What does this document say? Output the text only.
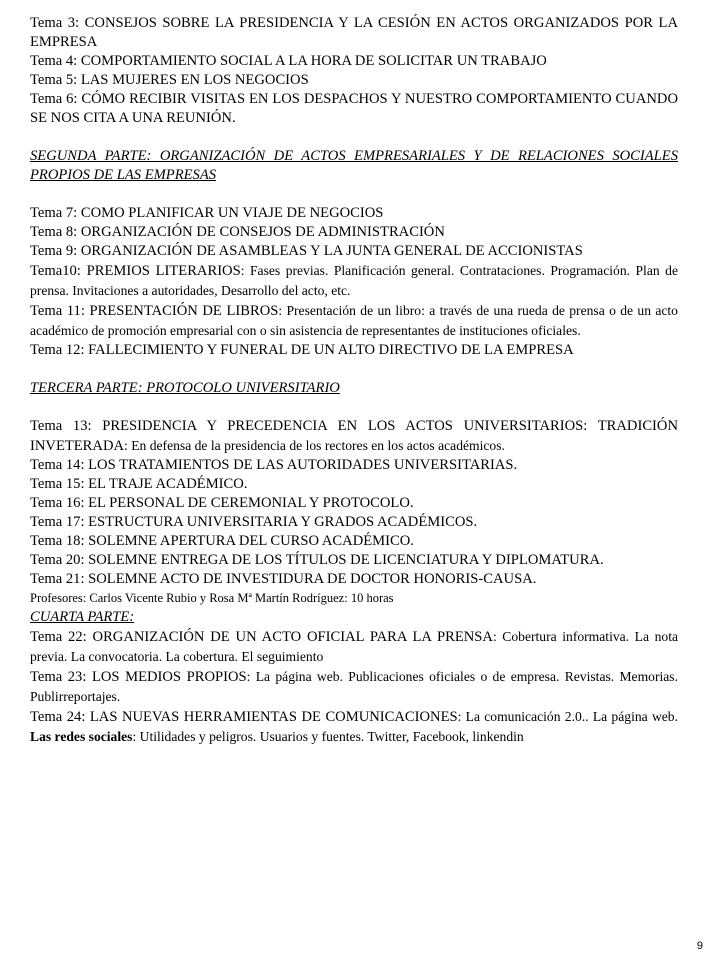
Tema 3: CONSEJOS SOBRE LA PRESIDENCIA Y LA CESIÓN EN ACTOS ORGANIZADOS POR LA EMPRESA

Tema 4: COMPORTAMIENTO SOCIAL A LA HORA DE SOLICITAR UN TRABAJO

Tema 5: LAS MUJERES EN LOS NEGOCIOS

Tema 6: CÓMO RECIBIR VISITAS EN LOS DESPACHOS Y NUESTRO COMPORTAMIENTO CUANDO SE NOS CITA A UNA REUNIÓN.

SEGUNDA PARTE: ORGANIZACIÓN DE ACTOS EMPRESARIALES Y DE RELACIONES SOCIALES PROPIOS DE LAS EMPRESAS

Tema 7: COMO PLANIFICAR UN VIAJE DE NEGOCIOS

Tema 8: ORGANIZACIÓN DE CONSEJOS DE ADMINISTRACIÓN

Tema 9: ORGANIZACIÓN DE ASAMBLEAS Y LA JUNTA GENERAL DE ACCIONISTAS

Tema10: PREMIOS LITERARIOS: Fases previas. Planificación general. Contrataciones. Programación. Plan de prensa. Invitaciones a autoridades, Desarrollo del acto, etc.

Tema 11: PRESENTACIÓN DE LIBROS: Presentación de un libro: a través de una rueda de prensa o de un acto académico de promoción empresarial con o sin asistencia de representantes de instituciones oficiales.

Tema 12: FALLECIMIENTO Y FUNERAL DE UN ALTO DIRECTIVO DE LA EMPRESA

TERCERA PARTE: PROTOCOLO UNIVERSITARIO

Tema 13: PRESIDENCIA Y PRECEDENCIA EN LOS ACTOS UNIVERSITARIOS: TRADICIÓN INVETERADA: En defensa de la presidencia de los rectores en los actos académicos.

Tema 14: LOS TRATAMIENTOS DE LAS AUTORIDADES UNIVERSITARIAS.

Tema 15: EL TRAJE ACADÉMICO.

Tema 16: EL PERSONAL DE CEREMONIAL Y PROTOCOLO.

Tema 17: ESTRUCTURA UNIVERSITARIA Y GRADOS ACADÉMICOS.

Tema 18: SOLEMNE APERTURA DEL CURSO ACADÉMICO.

Tema 20: SOLEMNE ENTREGA DE LOS TÍTULOS DE LICENCIATURA Y DIPLOMATURA.

Tema 21: SOLEMNE ACTO DE INVESTIDURA DE DOCTOR HONORIS-CAUSA.

Profesores: Carlos Vicente Rubio y Rosa Mª Martín Rodríguez: 10 horas

CUARTA PARTE:

Tema 22: ORGANIZACIÓN DE UN ACTO OFICIAL PARA LA PRENSA: Cobertura informativa. La nota previa. La convocatoria. La cobertura. El seguimiento

Tema 23: LOS MEDIOS PROPIOS: La página web. Publicaciones oficiales o de empresa. Revistas. Memorias. Publirreportajes.

Tema 24: LAS NUEVAS HERRAMIENTAS DE COMUNICACIONES: La comunicación 2.0.. La página web. Las redes sociales: Utilidades y peligros. Usuarios y fuentes. Twitter, Facebook, linkendin

9
